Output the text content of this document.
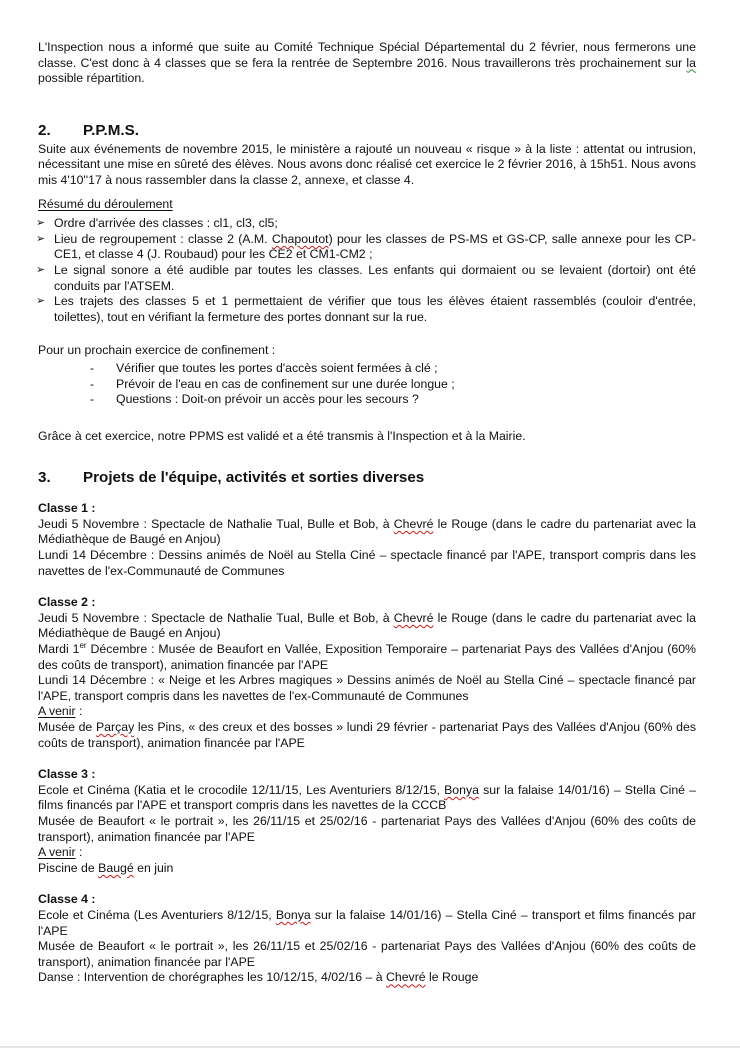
L'Inspection nous a informé que suite au Comité Technique Spécial Départemental du 2 février, nous fermerons une classe. C'est donc à 4 classes que se fera la rentrée de Septembre 2016. Nous travaillerons très prochainement sur la possible répartition.

2.	P.P.M.S.

Suite aux événements de novembre 2015, le ministère a rajouté un nouveau « risque » à la liste : attentat ou intrusion, nécessitant une mise en sûreté des élèves. Nous avons donc réalisé cet exercice le 2 février 2016, à 15h51. Nous avons mis 4'10''17 à nous rassembler dans la classe 2, annexe, et classe 4.

Résumé du déroulement
➢ Ordre d'arrivée des classes : cl1, cl3, cl5;
➢ Lieu de regroupement : classe 2 (A.M. Chapoutot) pour les classes de PS-MS et GS-CP, salle annexe pour les CP-CE1, et classe 4 (J. Roubaud) pour les CE2 et CM1-CM2 ;
➢ Le signal sonore a été audible par toutes les classes. Les enfants qui dormaient ou se levaient (dortoir) ont été conduits par l'ATSEM.
➢ Les trajets des classes 5 et 1 permettaient de vérifier que tous les élèves étaient rassemblés (couloir d'entrée, toilettes), tout en vérifiant la fermeture des portes donnant sur la rue.

Pour un prochain exercice de confinement :

- Vérifier que toutes les portes d'accès soient fermées à clé ;
- Prévoir de l'eau en cas de confinement sur une durée longue ;
- Questions : Doit-on prévoir un accès pour les secours ?

Grâce à cet exercice, notre PPMS est validé et a été transmis à l'Inspection et à la Mairie.

3.	Projets de l'équipe, activités et sorties diverses

Classe 1 :

Jeudi 5 Novembre : Spectacle de Nathalie Tual, Bulle et Bob, à Chevré le Rouge (dans le cadre du partenariat avec la Médiathèque de Baugé en Anjou)

Lundi 14 Décembre : Dessins animés de Noël au Stella Ciné – spectacle financé par l'APE, transport compris dans les navettes de l'ex-Communauté de Communes

Classe 2 :

Jeudi 5 Novembre : Spectacle de Nathalie Tual, Bulle et Bob, à Chevré le Rouge (dans le cadre du partenariat avec la Médiathèque de Baugé en Anjou)

Mardi 1er Décembre : Musée de Beaufort en Vallée, Exposition Temporaire – partenariat Pays des Vallées d'Anjou (60% des coûts de transport), animation financée par l'APE

Lundi 14 Décembre : « Neige et les Arbres magiques » Dessins animés de Noël au Stella Ciné – spectacle financé par l'APE, transport compris dans les navettes de l'ex-Communauté de Communes

A venir :

Musée de Parçay les Pins, « des creux et des bosses » lundi 29 février - partenariat Pays des Vallées d'Anjou (60% des coûts de transport), animation financée par l'APE

Classe 3 :

Ecole et Cinéma (Katia et le crocodile 12/11/15, Les Aventuriers 8/12/15, Bonya sur la falaise 14/01/16) – Stella Ciné – films financés par l'APE et transport compris dans les navettes de la CCCB

Musée de Beaufort « le portrait », les 26/11/15 et 25/02/16 - partenariat Pays des Vallées d'Anjou (60% des coûts de transport), animation financée par l'APE

A venir :

Piscine de Baugé en juin

Classe 4 :

Ecole et Cinéma (Les Aventuriers 8/12/15, Bonya sur la falaise 14/01/16) – Stella Ciné – transport et films financés par l'APE

Musée de Beaufort « le portrait », les 26/11/15 et 25/02/16 - partenariat Pays des Vallées d'Anjou (60% des coûts de transport), animation financée par l'APE

Danse : Intervention de chorégraphes les 10/12/15, 4/02/16 – à Chevré le Rouge
